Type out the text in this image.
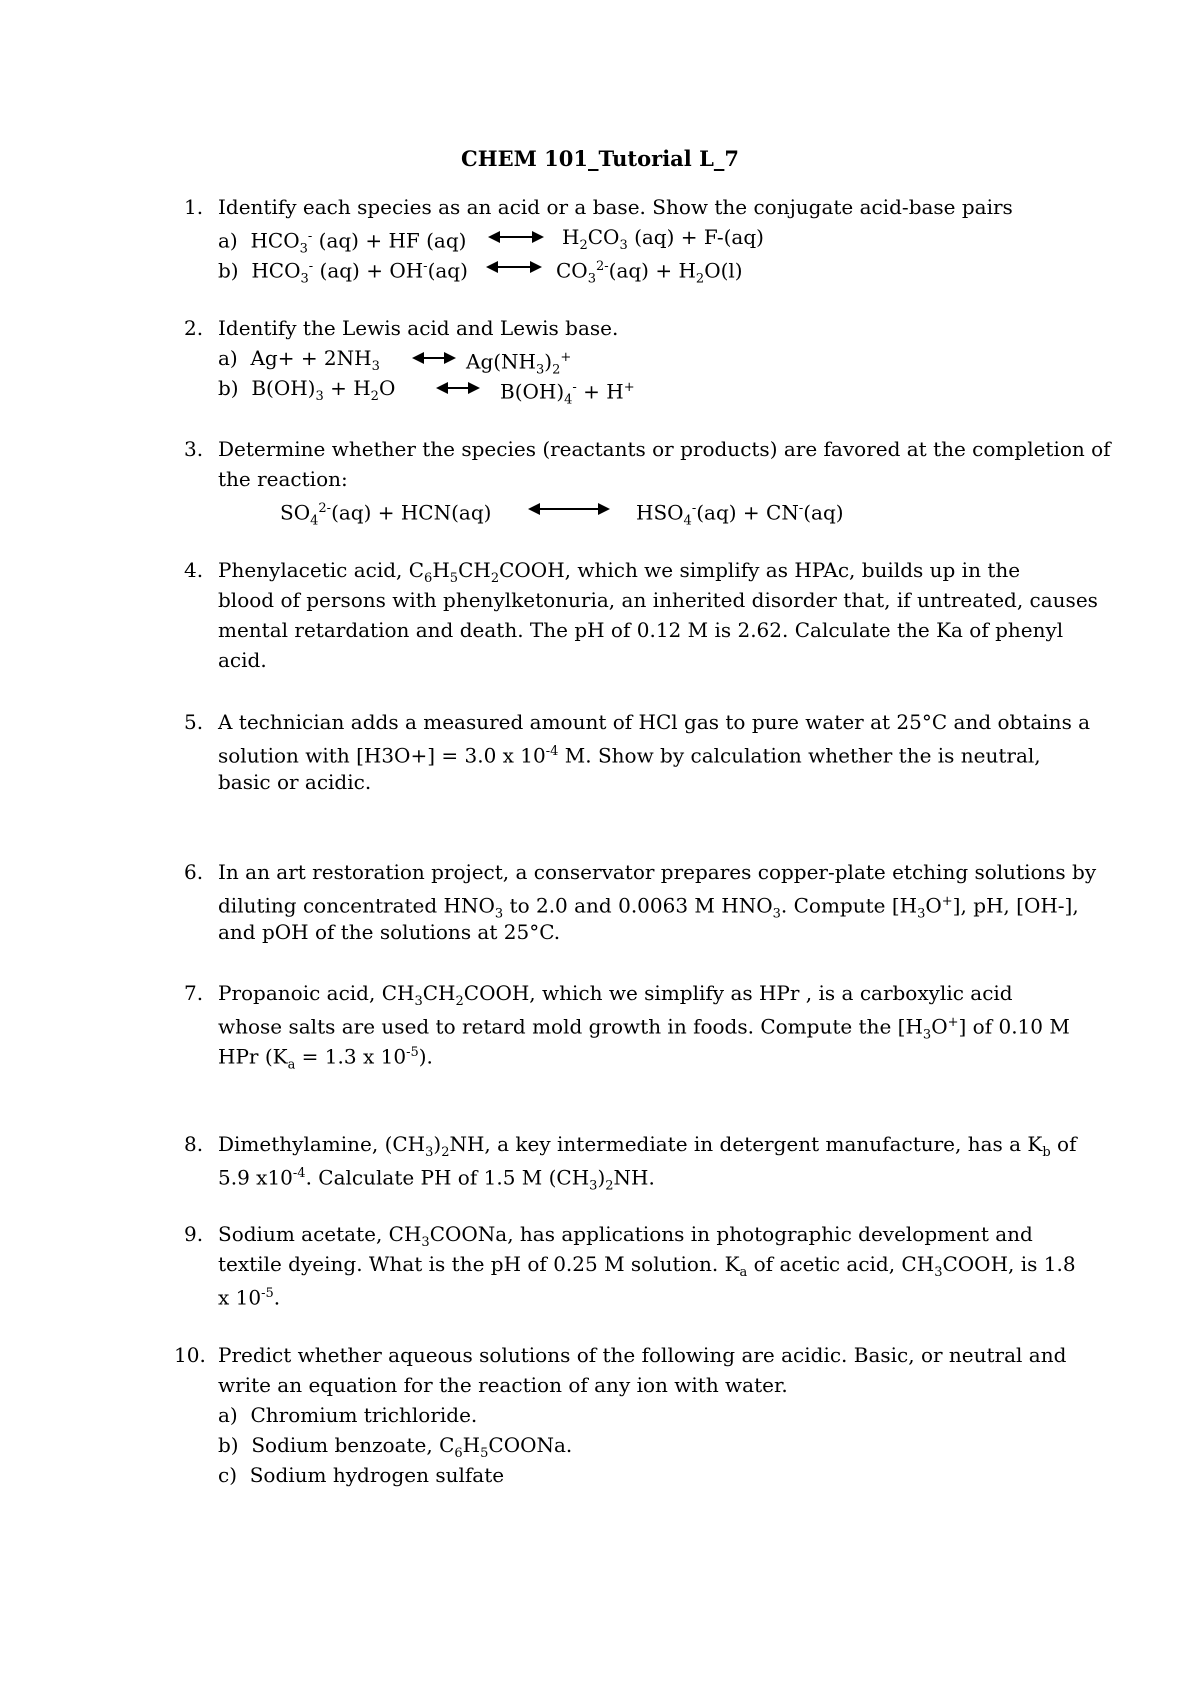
CHEM 101_Tutorial L_7
1. Identify each species as an acid or a base. Show the conjugate acid-base pairs
a) $HCO_3^-$ (aq) + HF (aq)	$H_2CO_3$ (aq) + F-(aq)
b) $HCO_3^-$ (aq) + OH-(aq)	$CO_3^{2-}(aq) + H_2O(l)$
2. Identify the Lewis acid and Lewis base.
a) $Ag+ + 2NH_3$	$Ag(NH_3)_2^+$
b) $B(OH)_3 + H_2O$	$B(OH)_4^- + H^+$
3. Determine whether the species (reactants or products) are favored at the completion of
the reaction:
$SO_4^{2-}(aq) + HCN(aq)$	$HSO_4^-(aq) + CN^-(aq)$
4. Phenylacetic acid, $C_6H_5CH_2COOH$, which we simplify as HPAc, builds up in the
blood of persons with phenylketonuria, an inherited disorder that, if untreated, causes
mental retardation and death. The pH of 0.12 M is 2.62. Calculate the Ka of phenyl
acid.
5. A technician adds a measured amount of HCl gas to pure water at 25°C and obtains a
solution with [H3O+] = 3.0 x $10^{-4}$ M. Show by calculation whether the is neutral,
basic or acidic.
6. In an art restoration project, a conservator prepares copper-plate etching solutions by
diluting concentrated $HNO_3$ to 2.0 and 0.0063 M $HNO_3$. Compute $[H_3O^+]$, pH, [OH-],
and pOH of the solutions at 25°C.
7. Propanoic acid, $CH_3CH_2COOH$, which we simplify as HPr , is a carboxylic acid
whose salts are used to retard mold growth in foods. Compute the $[H_3O^+]$ of 0.10 M
HPr ($K_a = 1.3$ x $10^{-5}$).
8. Dimethylamine, $(CH_3)_2NH$, a key intermediate in detergent manufacture, has a $K_b$ of
5.9 $x10^{-4}$. Calculate PH of 1.5 M $(CH_3)_2NH$.
9. Sodium acetate, $CH_3COONa$, has applications in photographic development and
textile dyeing. What is the pH of 0.25 M solution. $K_a$ of acetic acid, $CH_3COOH$, is 1.8
x $10^{-5}$.
10. Predict whether aqueous solutions of the following are acidic. Basic, or neutral and
write an equation for the reaction of any ion with water.
a) Chromium trichloride.
b) Sodium benzoate, $C_6H_5COONa$.
c) Sodium hydrogen sulfate
